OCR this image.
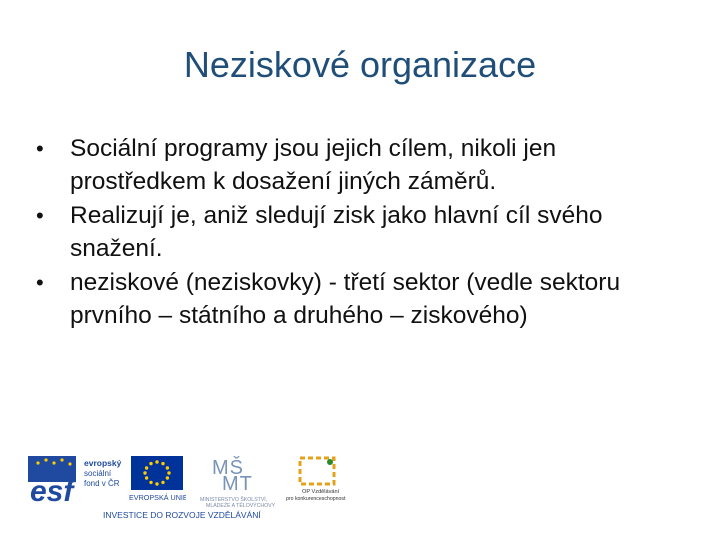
Neziskové organizace
• Sociální programy jsou jejich cílem, nikoli jen prostředkem k dosažení jiných záměrů.
• Realizují je, aniž sledují zisk jako hlavní cíl svého snažení.
• neziskové (neziskovky) - třetí sektor (vedle sektoru prvního – státního a druhého – ziskového)
esf
evropský
sociální
fond v ČR
EVROPSKÁ UNIE
MŠ
MT
MINISTERSTVO ŠKOLSTVÍ,
MLÁDEŽE A TĚLOVÝCHOVY
OP Vzdělávání
pro konkurenceschopnost
INVESTICE DO ROZVOJE VZDĚLÁVÁNÍ
